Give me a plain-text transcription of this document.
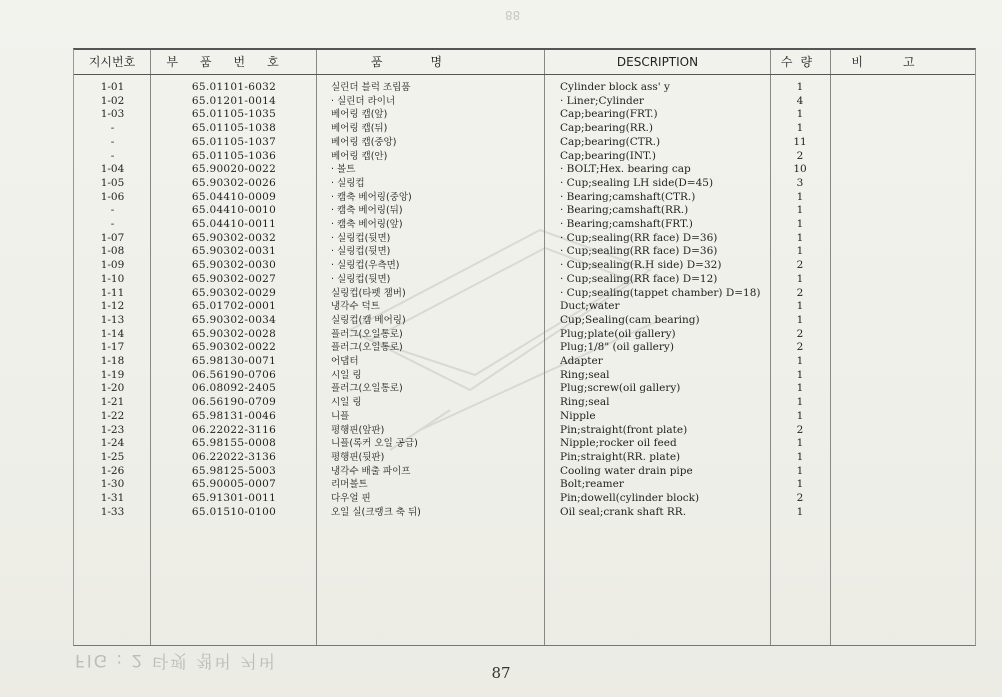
88
지시번호	부품번호	품명	DESCRIPTION	수량	비고
1-01	65.01101-6032	실린더 블럭 조립품	Cylinder block ass' y	1
1-02	65.01201-0014	· 실린더 라이너	· Liner;Cylinder	4
1-03	65.01105-1035	베어링 캡(앞)	Cap;bearing(FRT.)	1
-	65.01105-1038	베어링 캡(뒤)	Cap;bearing(RR.)	1
-	65.01105-1037	베어링 캡(중앙)	Cap;bearing(CTR.)	11
-	65.01105-1036	베어링 캡(안)	Cap;bearing(INT.)	2
1-04	65.90020-0022	· 볼트	· BOLT;Hex. bearing cap	10
1-05	65.90302-0026	· 실링컵	· Cup;sealing LH side(D=45)	3
1-06	65.04410-0009	· 캠축 베어링(중앙)	· Bearing;camshaft(CTR.)	1
-	65.04410-0010	· 캠축 베어링(뒤)	· Bearing;camshaft(RR.)	1
-	65.04410-0011	· 캠축 베어링(앞)	· Bearing;camshaft(FRT.)	1
1-07	65.90302-0032	· 실링컵(뒷면)	· Cup;sealing(RR face) D=36)	1
1-08	65.90302-0031	· 실링컵(뒷면)	· Cup;sealing(RR face) D=36)	1
1-09	65.90302-0030	· 실링컵(우측면)	· Cup;sealing(R.H side) D=32)	2
1-10	65.90302-0027	· 실링컵(뒷면)	· Cup;sealing(RR face) D=12)	1
1-11	65.90302-0029	실링컵(타펫 챔버)	· Cup;sealing(tappet chamber) D=18)	2
1-12	65.01702-0001	냉각수 덕트	Duct;water	1
1-13	65.90302-0034	실링컵(캠 베어링)	Cup;Sealing(cam bearing)	1
1-14	65.90302-0028	플러그(오일통로)	Plug;plate(oil gallery)	2
1-17	65.90302-0022	플러그(오일통로)	Plug;1/8" (oil gallery)	2
1-18	65.98130-0071	어댑터	Adapter	1
1-19	06.56190-0706	시일 링	Ring;seal	1
1-20	06.08092-2405	플러그(오일통로)	Plug;screw(oil gallery)	1
1-21	06.56190-0709	시일 링	Ring;seal	1
1-22	65.98131-0046	니플	Nipple	1
1-23	06.22022-3116	평행핀(앞판)	Pin;straight(front plate)	2
1-24	65.98155-0008	니플(록커 오일 공급)	Nipple;rocker oil feed	1
1-25	06.22022-3136	평행핀(뒷판)	Pin;straight(RR. plate)	1
1-26	65.98125-5003	냉각수 배출 파이프	Cooling water drain pipe	1
1-30	65.90005-0007	리머볼트	Bolt;reamer	1
1-31	65.91301-0011	다우얼 핀	Pin;dowell(cylinder block)	2
1-33	65.01510-0100	오일 실(크랭크 축 뒤)	Oil seal;crank shaft RR.	1
FIG : 2 타펫 챔버 커버
87
